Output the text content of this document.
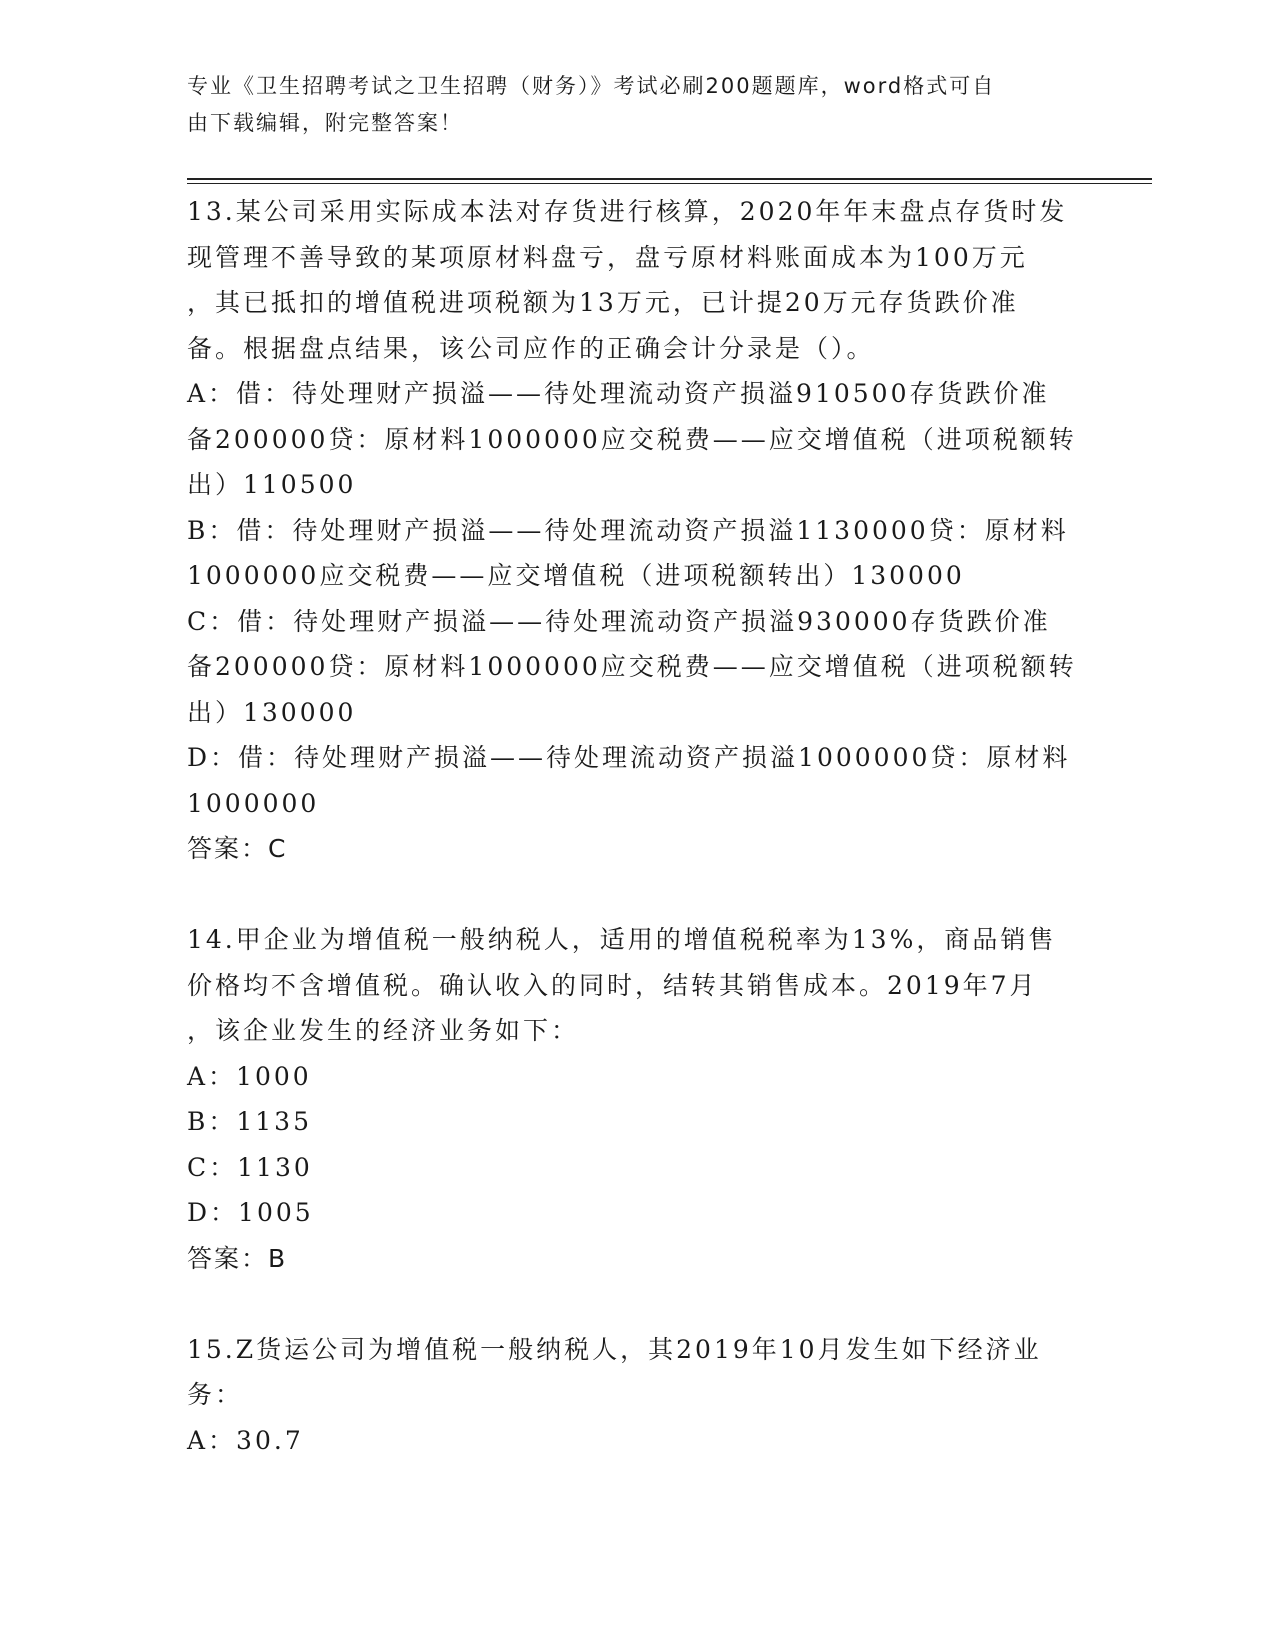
专业《卫生招聘考试之卫生招聘（财务）》考试必刷200题题库，word格式可自
由下载编辑，附完整答案！
13.某公司采用实际成本法对存货进行核算，2020年年末盘点存货时发
现管理不善导致的某项原材料盘亏，盘亏原材料账面成本为100万元
，其已抵扣的增值税进项税额为13万元，已计提20万元存货跌价准
备。根据盘点结果，该公司应作的正确会计分录是（）。
A：借：待处理财产损溢——待处理流动资产损溢910500存货跌价准
备200000贷：原材料1000000应交税费——应交增值税（进项税额转
出）110500
B：借：待处理财产损溢——待处理流动资产损溢1130000贷：原材料
1000000应交税费——应交增值税（进项税额转出）130000
C：借：待处理财产损溢——待处理流动资产损溢930000存货跌价准
备200000贷：原材料1000000应交税费——应交增值税（进项税额转
出）130000
D：借：待处理财产损溢——待处理流动资产损溢1000000贷：原材料
1000000
答案：C
14.甲企业为增值税一般纳税人，适用的增值税税率为13%，商品销售
价格均不含增值税。确认收入的同时，结转其销售成本。2019年7月
，该企业发生的经济业务如下：
A：1000
B：1135
C：1130
D：1005
答案：B
15.Z货运公司为增值税一般纳税人，其2019年10月发生如下经济业
务：
A：30.7
